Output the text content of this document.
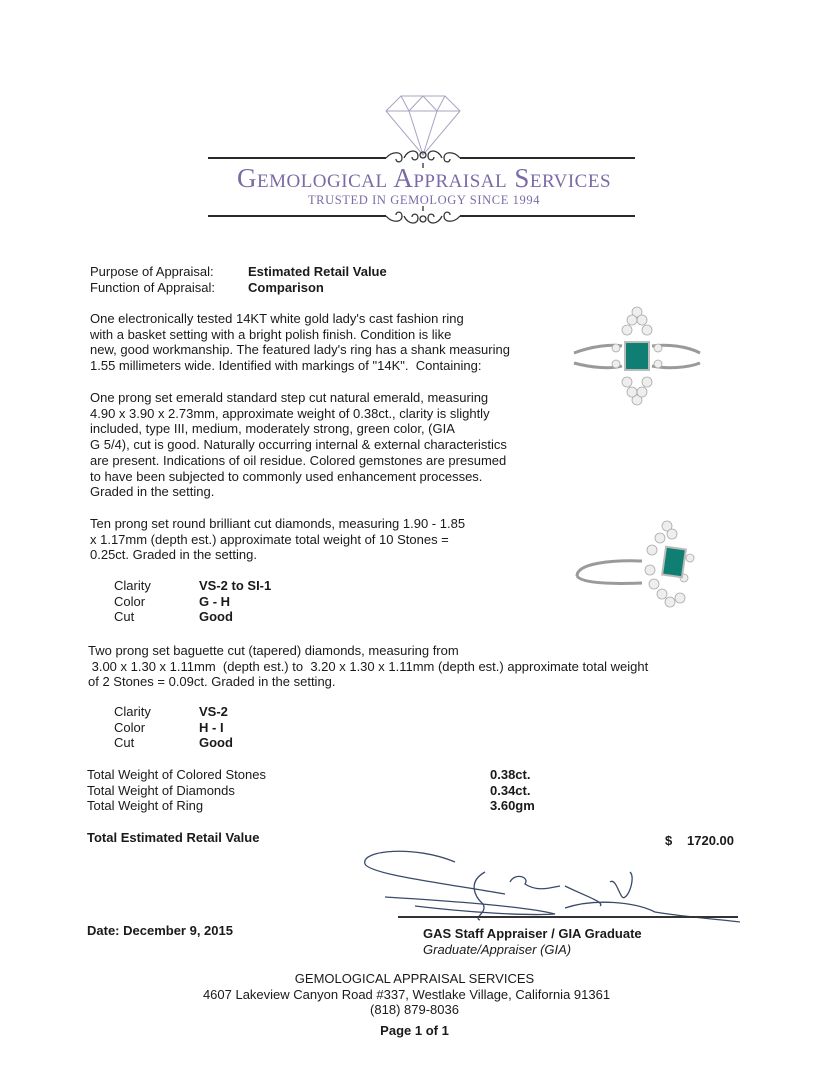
Gemological Appraisal Services
TRUSTED IN GEMOLOGY SINCE 1994
Purpose of Appraisal:	Estimated Retail Value
Function of Appraisal:	Comparison
One electronically tested 14KT white gold lady's cast fashion ring
with a basket setting with a bright polish finish. Condition is like
new, good workmanship. The featured lady's ring has a shank measuring
1.55 millimeters wide. Identified with markings of "14K".  Containing:
One prong set emerald standard step cut natural emerald, measuring
4.90 x 3.90 x 2.73mm, approximate weight of 0.38ct., clarity is slightly
included, type III, medium, moderately strong, green color, (GIA
G 5/4), cut is good. Naturally occurring internal & external characteristics
are present. Indications of oil residue. Colored gemstones are presumed
to have been subjected to commonly used enhancement processes.
Graded in the setting.
Ten prong set round brilliant cut diamonds, measuring 1.90 - 1.85
x 1.17mm (depth est.) approximate total weight of 10 Stones =
0.25ct. Graded in the setting.
Clarity	VS-2 to SI-1
Color	G - H
Cut	Good
Two prong set baguette cut (tapered) diamonds, measuring from
3.00 x 1.30 x 1.11mm  (depth est.) to  3.20 x 1.30 x 1.11mm (depth est.) approximate total weight
of 2 Stones = 0.09ct. Graded in the setting.
Clarity	VS-2
Color	H - I
Cut	Good
Total Weight of Colored Stones	0.38ct.
Total Weight of Diamonds	0.34ct.
Total Weight of Ring	3.60gm
Total Estimated Retail Value	$ 1720.00
Date: December 9, 2015	GAS Staff Appraiser / GIA Graduate
Graduate/Appraiser (GIA)
GEMOLOGICAL APPRAISAL SERVICES
4607 Lakeview Canyon Road #337, Westlake Village, California 91361
(818) 879-8036
Page 1 of 1
